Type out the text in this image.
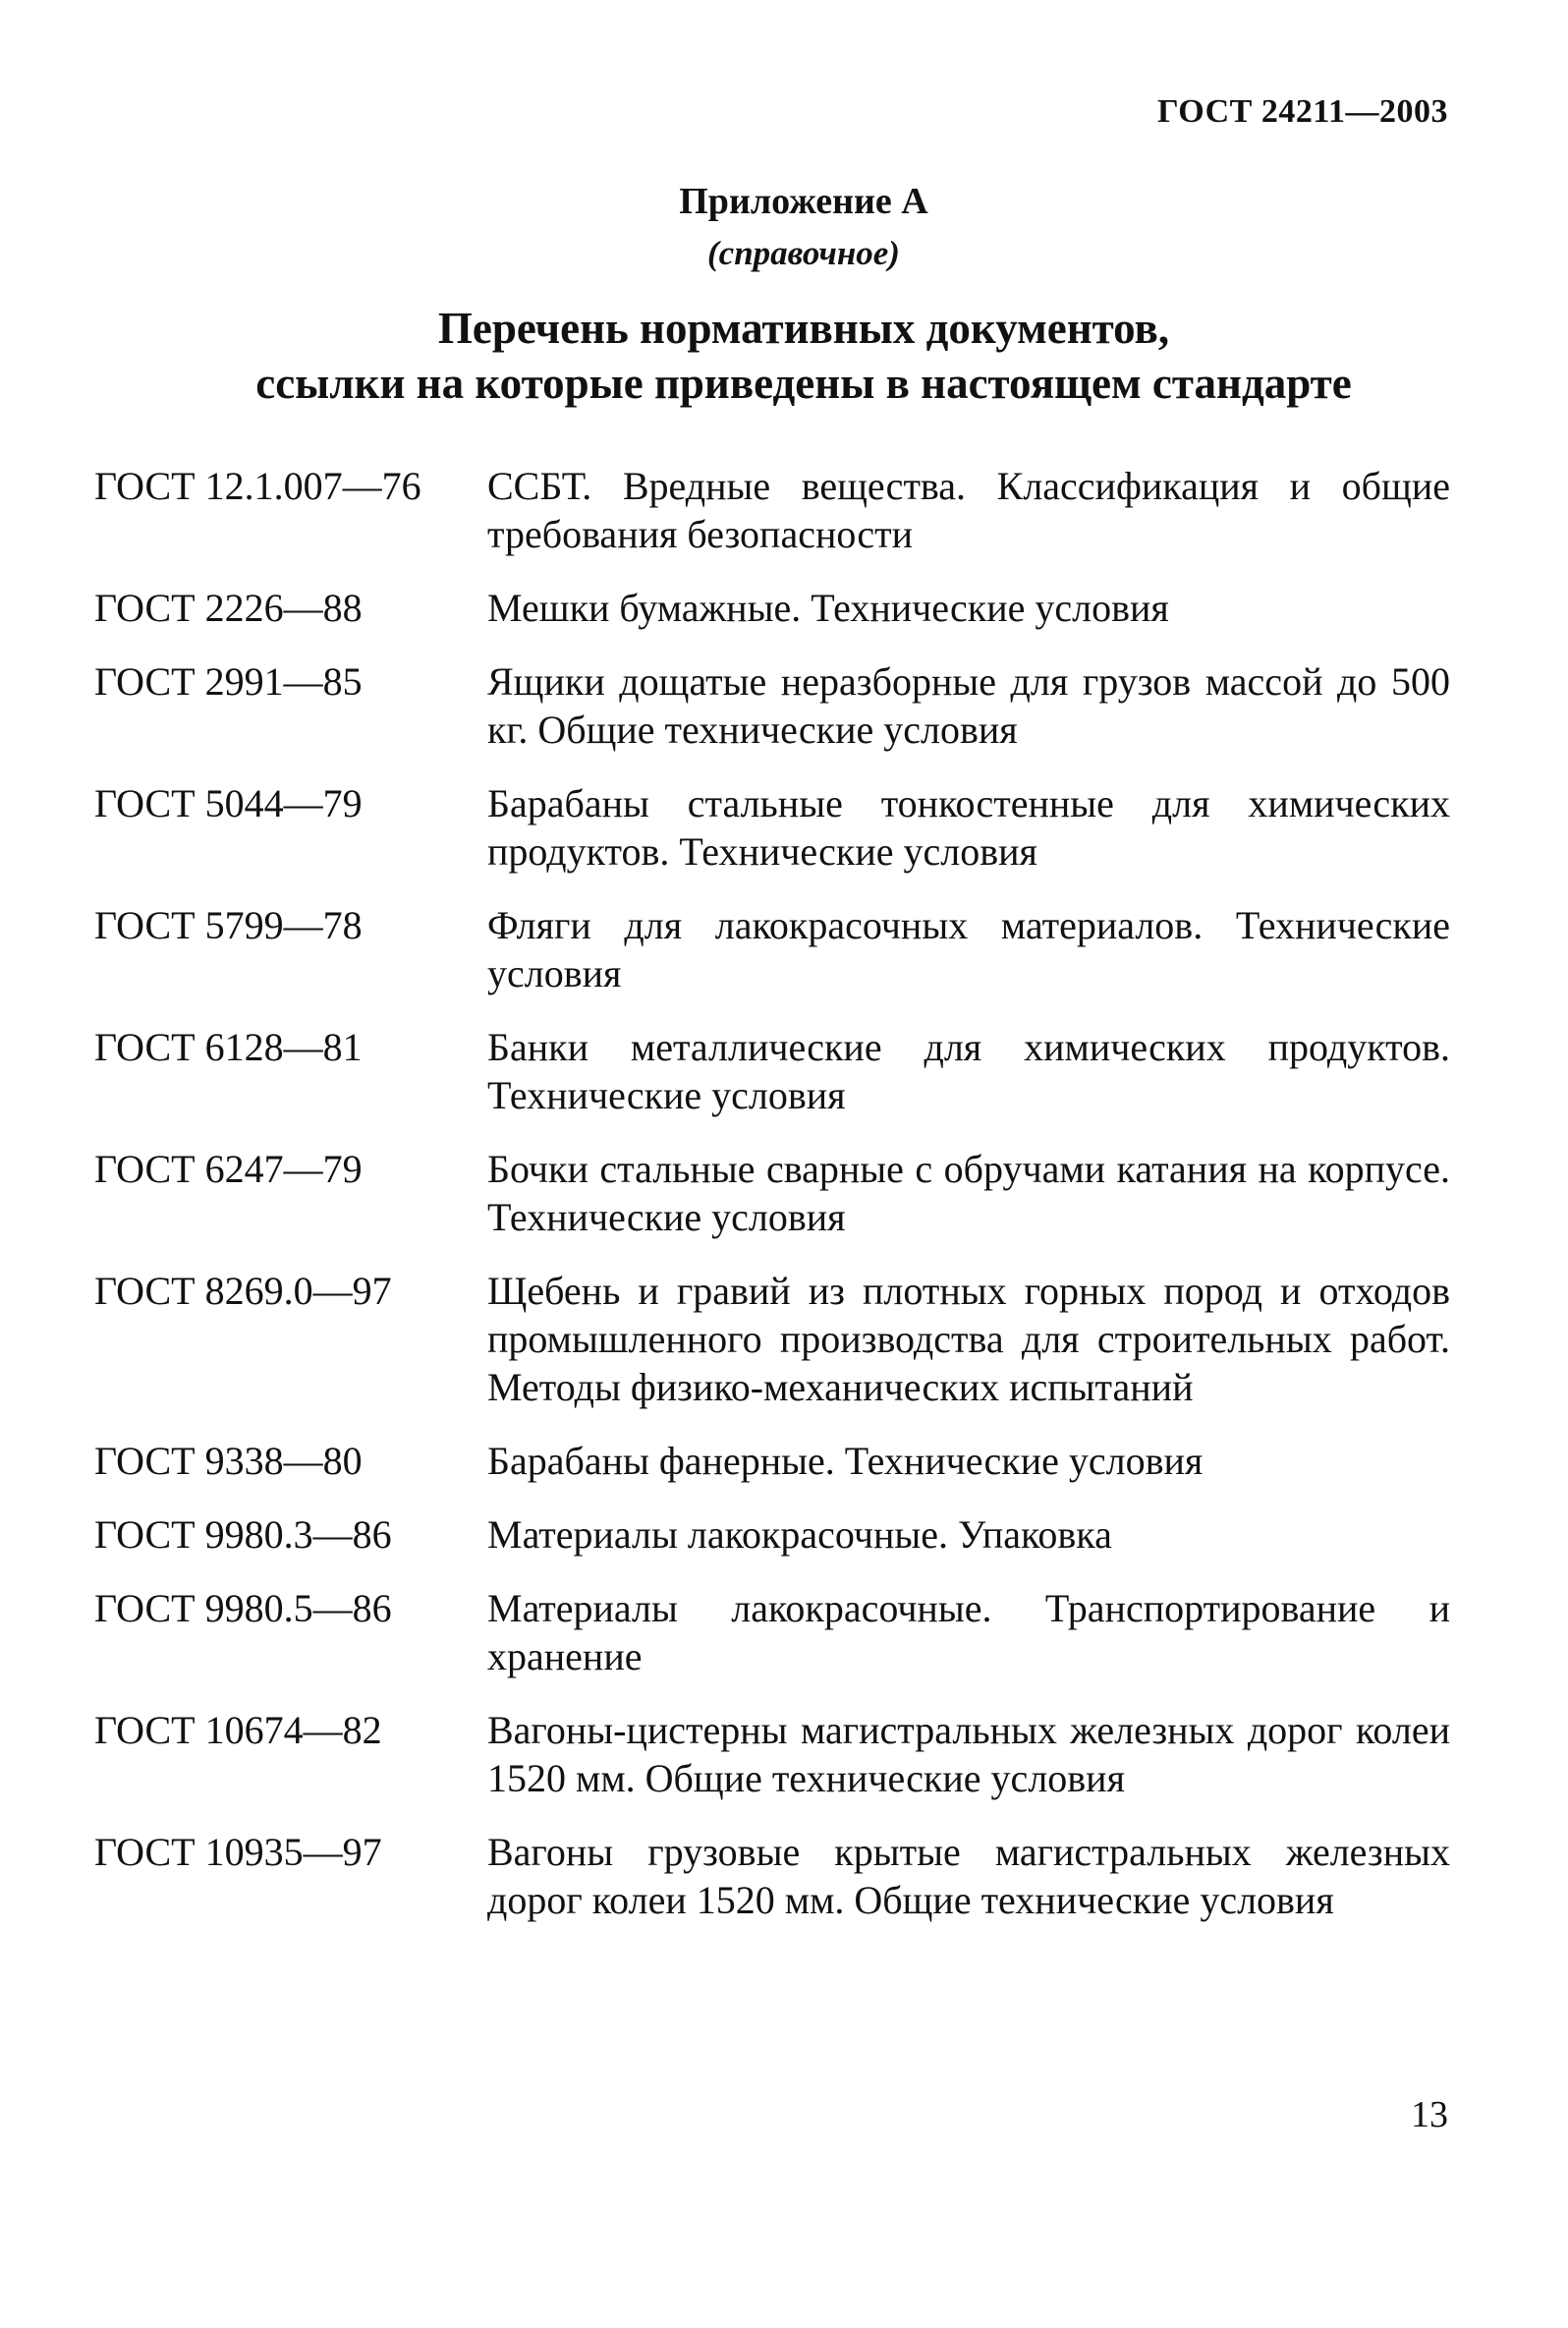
ГОСТ 24211—2003
Приложение А
(справочное)
Перечень нормативных документов,
ссылки на которые приведены в настоящем стандарте
ГОСТ 12.1.007—76	ССБТ. Вредные вещества. Классификация и общие требования безопасности
ГОСТ 2226—88	Мешки бумажные. Технические условия
ГОСТ 2991—85	Ящики дощатые неразборные для грузов массой до 500 кг. Общие технические условия
ГОСТ 5044—79	Барабаны стальные тонкостенные для химических продуктов. Технические условия
ГОСТ 5799—78	Фляги для лакокрасочных материалов. Технические условия
ГОСТ 6128—81	Банки металлические для химических продуктов. Технические условия
ГОСТ 6247—79	Бочки стальные сварные с обручами катания на корпусе. Технические условия
ГОСТ 8269.0—97	Щебень и гравий из плотных горных пород и отходов промышленного производства для строительных работ. Методы физико-механических испытаний
ГОСТ 9338—80	Барабаны фанерные. Технические условия
ГОСТ 9980.3—86	Материалы лакокрасочные. Упаковка
ГОСТ 9980.5—86	Материалы лакокрасочные. Транспортирование и хранение
ГОСТ 10674—82	Вагоны-цистерны магистральных железных дорог колеи 1520 мм. Общие технические условия
ГОСТ 10935—97	Вагоны грузовые крытые магистральных железных дорог колеи 1520 мм. Общие технические условия
13
